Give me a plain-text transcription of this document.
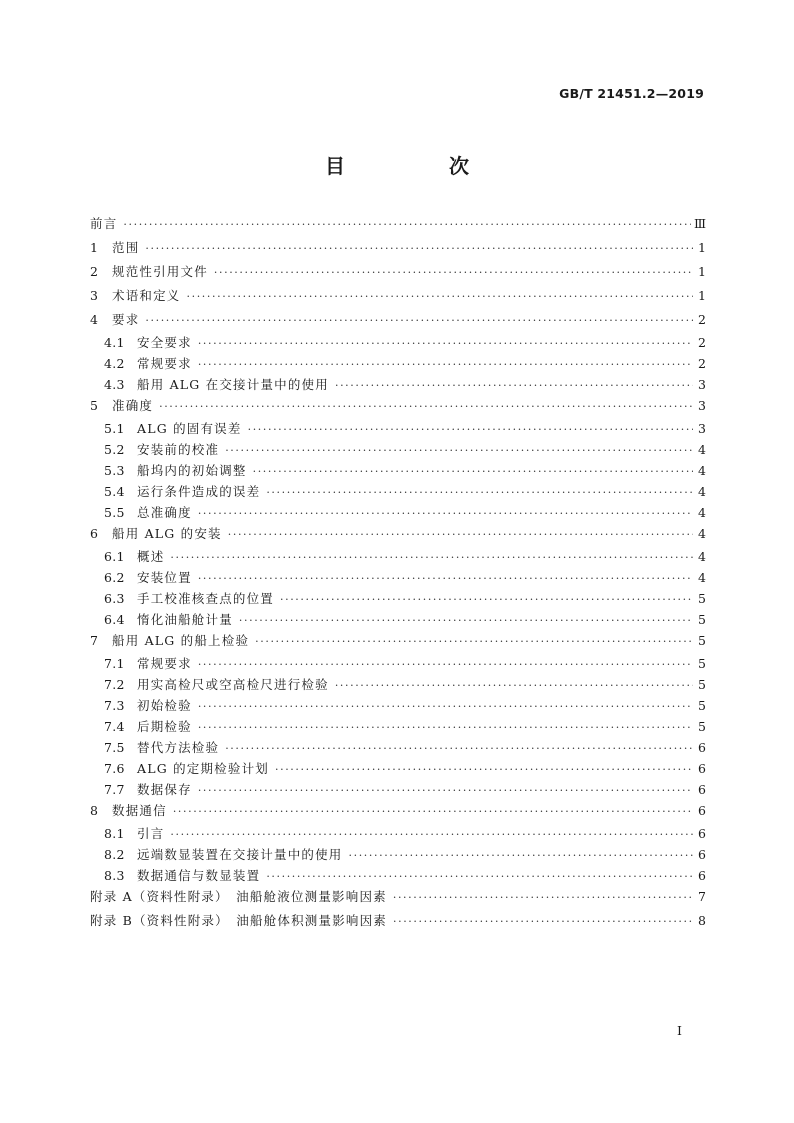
GB/T 21451.2—2019
目　次
前言 ·····	Ⅲ
1	范围 ·····	1
2	规范性引用文件 ·····	1
3	术语和定义 ·····	1
4	要求 ·····	2
4.1 安全要求 ·····	2
4.2 常规要求 ·····	2
4.3 船用 ALG 在交接计量中的使用 ·····	3
5	准确度 ·····	3
5.1 ALG 的固有误差 ·····	3
5.2 安装前的校准 ·····	4
5.3 船坞内的初始调整 ·····	4
5.4 运行条件造成的误差 ·····	4
5.5 总准确度 ·····	4
6	船用 ALG 的安装 ·····	4
6.1 概述 ·····	4
6.2 安装位置 ·····	4
6.3 手工校准核查点的位置 ·····	5
6.4 惰化油船舱计量 ·····	5
7	船用 ALG 的船上检验 ·····	5
7.1 常规要求 ·····	5
7.2 用实高检尺或空高检尺进行检验 ·····	5
7.3 初始检验 ·····	5
7.4 后期检验 ·····	5
7.5 替代方法检验 ·····	6
7.6 ALG 的定期检验计划 ·····	6
7.7 数据保存 ·····	6
8	数据通信 ·····	6
8.1 引言 ·····	6
8.2 远端数显装置在交接计量中的使用 ·····	6
8.3 数据通信与数显装置 ·····	6
附录 A（资料性附录）　油船舱液位测量影响因素 ·····	7
附录 B（资料性附录）　油船舱体积测量影响因素 ·····	8
I
